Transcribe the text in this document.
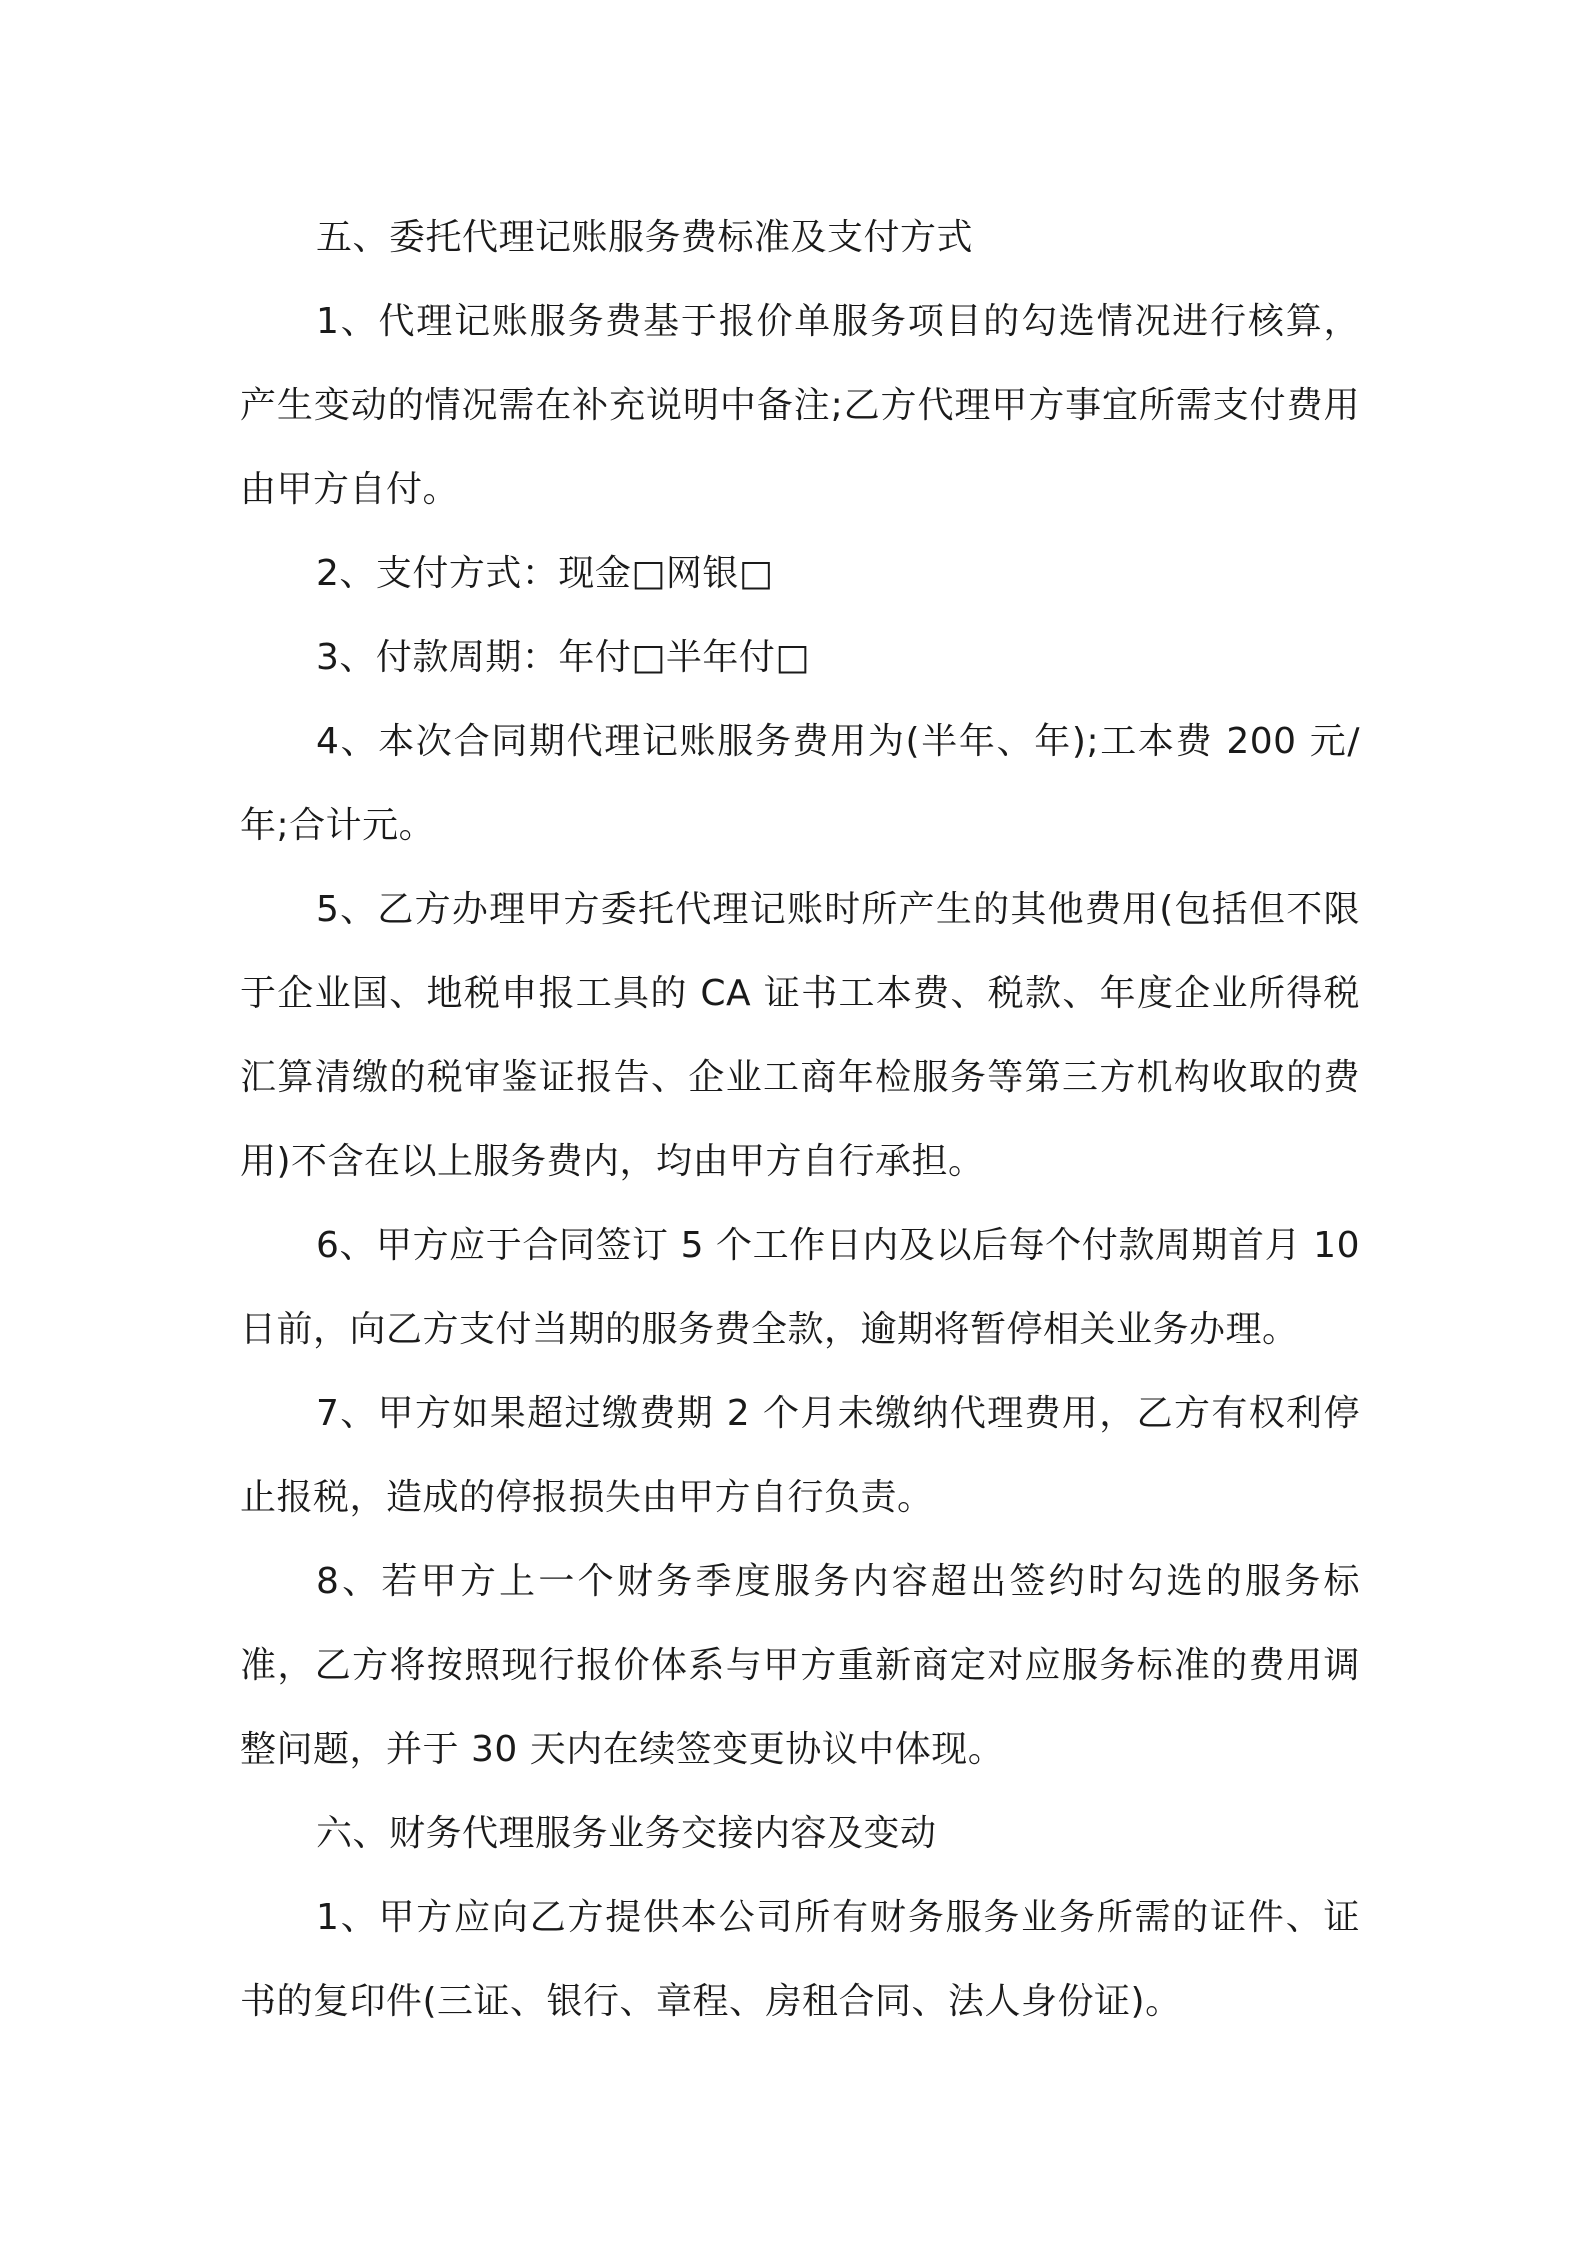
五、委托代理记账服务费标准及支付方式

1、代理记账服务费基于报价单服务项目的勾选情况进行核算，产生变动的情况需在补充说明中备注;乙方代理甲方事宜所需支付费用由甲方自付。

2、支付方式：现金□网银□

3、付款周期：年付□半年付□

4、本次合同期代理记账服务费用为(半年、年);工本费 200 元/年;合计元。

5、乙方办理甲方委托代理记账时所产生的其他费用(包括但不限于企业国、地税申报工具的 CA 证书工本费、税款、年度企业所得税汇算清缴的税审鉴证报告、企业工商年检服务等第三方机构收取的费用)不含在以上服务费内，均由甲方自行承担。

6、甲方应于合同签订 5 个工作日内及以后每个付款周期首月 10 日前，向乙方支付当期的服务费全款，逾期将暂停相关业务办理。

7、甲方如果超过缴费期 2 个月未缴纳代理费用，乙方有权利停止报税，造成的停报损失由甲方自行负责。

8、若甲方上一个财务季度服务内容超出签约时勾选的服务标准，乙方将按照现行报价体系与甲方重新商定对应服务标准的费用调整问题，并于 30 天内在续签变更协议中体现。

六、财务代理服务业务交接内容及变动

1、甲方应向乙方提供本公司所有财务服务业务所需的证件、证书的复印件(三证、银行、章程、房租合同、法人身份证)。
